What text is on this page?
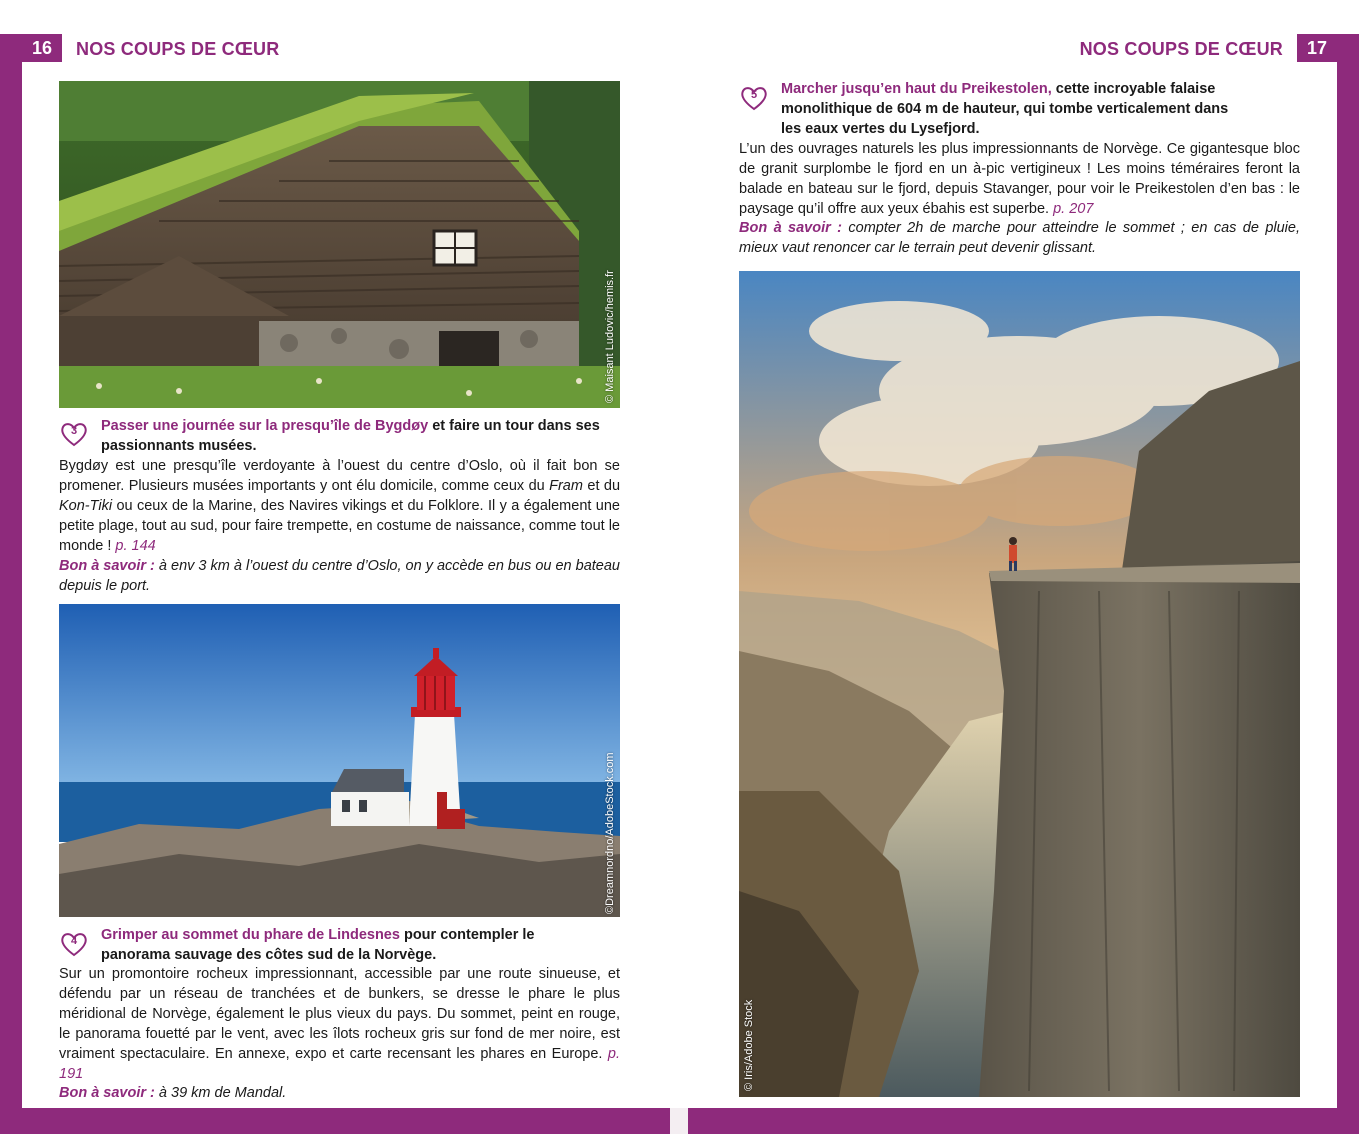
16	NOS COUPS DE CŒUR	NOS COUPS DE CŒUR	17
© Maisant Ludovic/hemis.fr
3	Passer une journée sur la presqu’île de Bygdøy et faire un tour dans ses passionnants musées.
Bygdøy est une presqu’île verdoyante à l’ouest du centre d’Oslo, où il fait bon se promener. Plusieurs musées importants y ont élu domicile, comme ceux du Fram et du Kon-Tiki ou ceux de la Marine, des Navires vikings et du Folklore. Il y a également une petite plage, tout au sud, pour faire trempette, en costume de naissance, comme tout le monde ! p. 144
Bon à savoir : à env 3 km à l’ouest du centre d’Oslo, on y accède en bus ou en bateau depuis le port.
©Dreamnordno/AdobeStock.com
4	Grimper au sommet du phare de Lindesnes pour contempler le panorama sauvage des côtes sud de la Norvège.
Sur un promontoire rocheux impressionnant, accessible par une route sinueuse, et défendu par un réseau de tranchées et de bunkers, se dresse le phare le plus méridional de Norvège, également le plus vieux du pays. Du sommet, peint en rouge, le panorama fouetté par le vent, avec les îlots rocheux gris sur fond de mer noire, est vraiment spectaculaire. En annexe, expo et carte recensant les phares en Europe. p. 191
Bon à savoir : à 39 km de Mandal.
5	Marcher jusqu’en haut du Preikestolen, cette incroyable falaise monolithique de 604 m de hauteur, qui tombe verticalement dans les eaux vertes du Lysefjord.
L’un des ouvrages naturels les plus impressionnants de Norvège. Ce gigantesque bloc de granit surplombe le fjord en un à-pic vertigineux ! Les moins téméraires feront la balade en bateau sur le fjord, depuis Stavanger, pour voir le Preikestolen d’en bas : le paysage qu’il offre aux yeux ébahis est superbe. p. 207
Bon à savoir : compter 2h de marche pour atteindre le sommet ; en cas de pluie, mieux vaut renoncer car le terrain peut devenir glissant.
© Iris/Adobe Stock
